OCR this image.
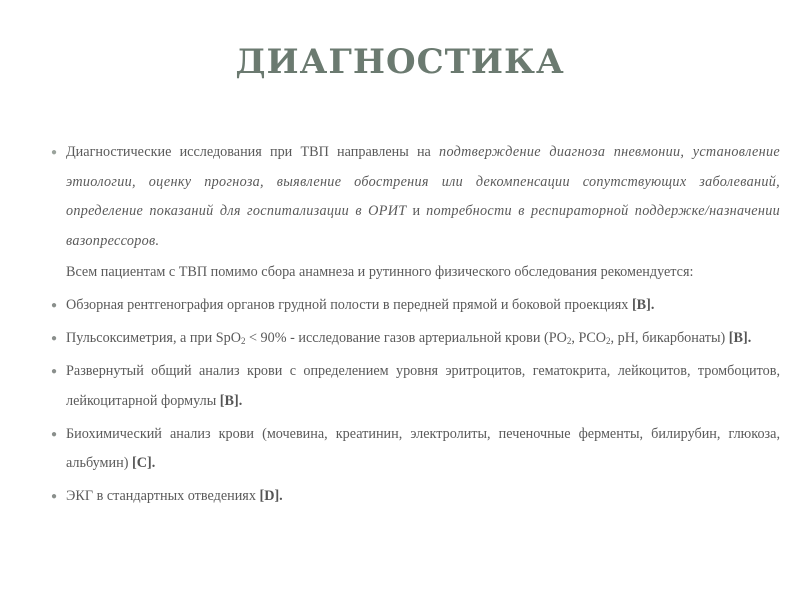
ДИАГНОСТИКА
● Диагностические исследования при ТВП направлены на подтверждение диагноза пневмонии, установление этиологии, оценку прогноза, выявление обострения или декомпенсации сопутствующих заболеваний, определение показаний для госпитализации в ОРИТ и потребности в респираторной поддержке/назначении вазопрессоров.
Всем пациентам с ТВП помимо сбора анамнеза и рутинного физического обследования рекомендуется:
● Обзорная рентгенография органов грудной полости в передней прямой и боковой проекциях [B].
● Пульсоксиметрия, а при SpO$_2$ < 90% - исследование газов артериальной крови ($PO_2$, $PCO_2$, pH, бикарбонаты) [B].
● Развернутый общий анализ крови с определением уровня эритроцитов, гематокрита, лейкоцитов, тромбоцитов, лейкоцитарной формулы [B].
● Биохимический анализ крови (мочевина, креатинин, электролиты, печеночные ферменты, билирубин, глюкоза, альбумин) [C].
● ЭКГ в стандартных отведениях [D].
